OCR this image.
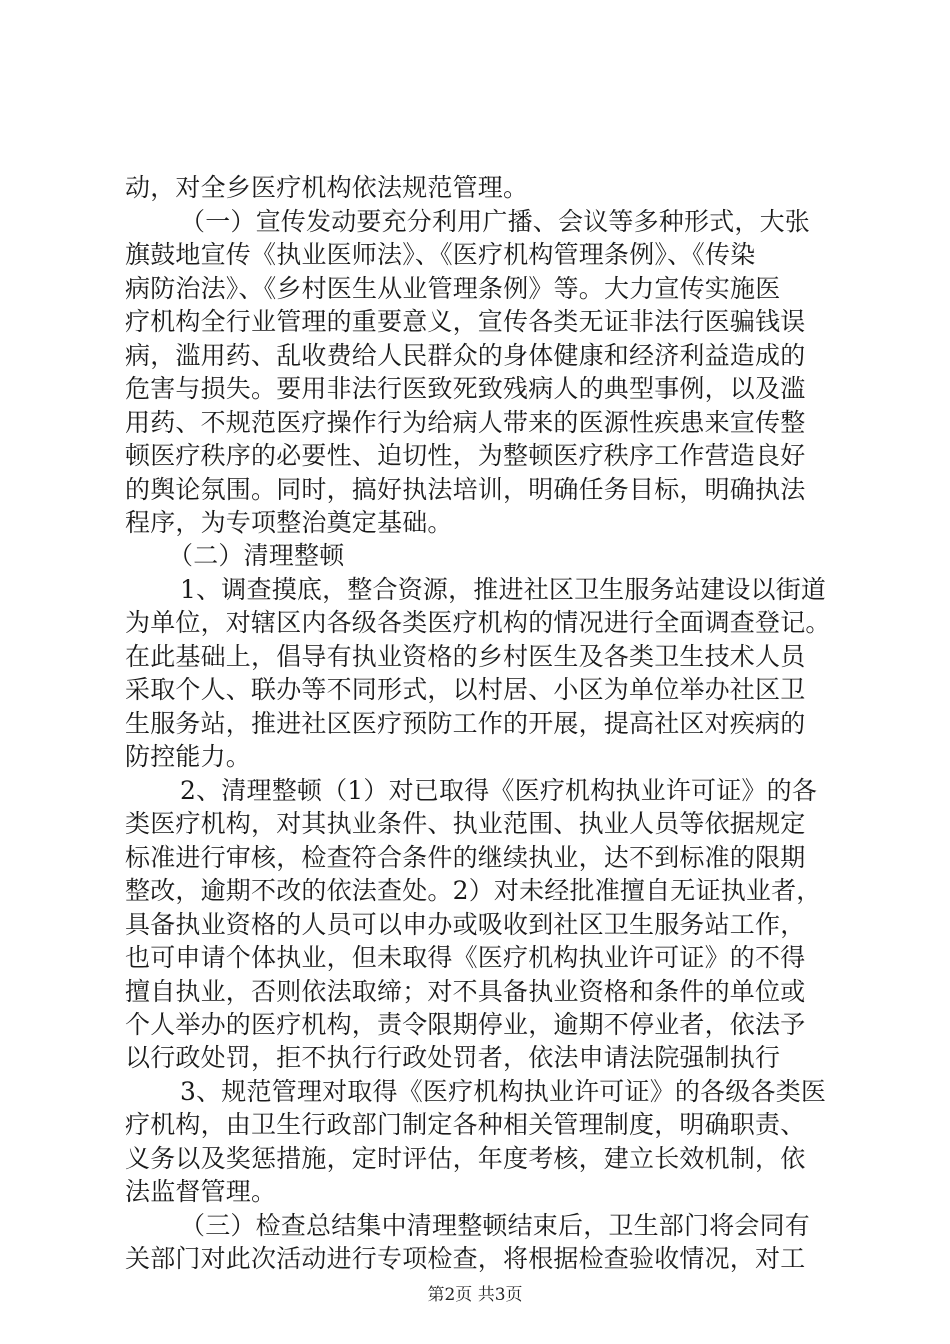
动，对全乡医疗机构依法规范管理。
（一）宣传发动要充分利用广播、会议等多种形式，大张
旗鼓地宣传《执业医师法》、《医疗机构管理条例》、《传染
病防治法》、《乡村医生从业管理条例》等。大力宣传实施医
疗机构全行业管理的重要意义，宣传各类无证非法行医骗钱误
病，滥用药、乱收费给人民群众的身体健康和经济利益造成的
危害与损失。要用非法行医致死致残病人的典型事例，以及滥
用药、不规范医疗操作行为给病人带来的医源性疾患来宣传整
顿医疗秩序的必要性、迫切性，为整顿医疗秩序工作营造良好
的舆论氛围。同时，搞好执法培训，明确任务目标，明确执法
程序，为专项整治奠定基础。
（二）清理整顿
1、调查摸底，整合资源，推进社区卫生服务站建设以街道
为单位，对辖区内各级各类医疗机构的情况进行全面调查登记。
在此基础上，倡导有执业资格的乡村医生及各类卫生技术人员
采取个人、联办等不同形式，以村居、小区为单位举办社区卫
生服务站，推进社区医疗预防工作的开展，提高社区对疾病的
防控能力。
2、清理整顿（1）对已取得《医疗机构执业许可证》的各
类医疗机构，对其执业条件、执业范围、执业人员等依据规定
标准进行审核，检查符合条件的继续执业，达不到标准的限期
整改，逾期不改的依法查处。2）对未经批准擅自无证执业者，
具备执业资格的人员可以申办或吸收到社区卫生服务站工作，
也可申请个体执业，但未取得《医疗机构执业许可证》的不得
擅自执业，否则依法取缔；对不具备执业资格和条件的单位或
个人举办的医疗机构，责令限期停业，逾期不停业者，依法予
以行政处罚，拒不执行行政处罚者，依法申请法院强制执行
3、规范管理对取得《医疗机构执业许可证》的各级各类医
疗机构，由卫生行政部门制定各种相关管理制度，明确职责、
义务以及奖惩措施，定时评估，年度考核，建立长效机制，依
法监督管理。
（三）检查总结集中清理整顿结束后，卫生部门将会同有
关部门对此次活动进行专项检查，将根据检查验收情况，对工
第2页 共3页
